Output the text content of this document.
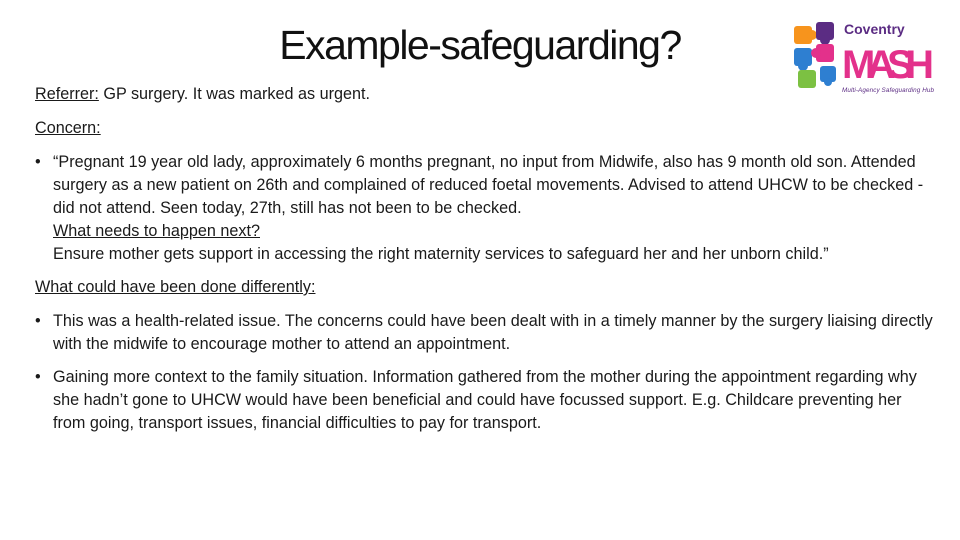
Example-safeguarding?	Coventry
MASH
Multi-Agency Safeguarding Hub
Referrer: GP surgery. It was marked as urgent.
Concern:
• “Pregnant 19 year old lady, approximately 6 months pregnant, no input from Midwife, also has 9 month old son. Attended surgery as a new patient on 26th and complained of reduced foetal movements. Advised to attend UHCW to be checked - did not attend. Seen today, 27th, still has not been to be checked.
What needs to happen next?
Ensure mother gets support in accessing the right maternity services to safeguard her and her unborn child.”
What could have been done differently:
• This was a health-related issue. The concerns could have been dealt with in a timely manner by the surgery liaising directly with the midwife to encourage mother to attend an appointment.
• Gaining more context to the family situation. Information gathered from the mother during the appointment regarding why she hadn’t gone to UHCW would have been beneficial and could have focussed support. E.g. Childcare preventing her from going, transport issues, financial difficulties to pay for transport.
